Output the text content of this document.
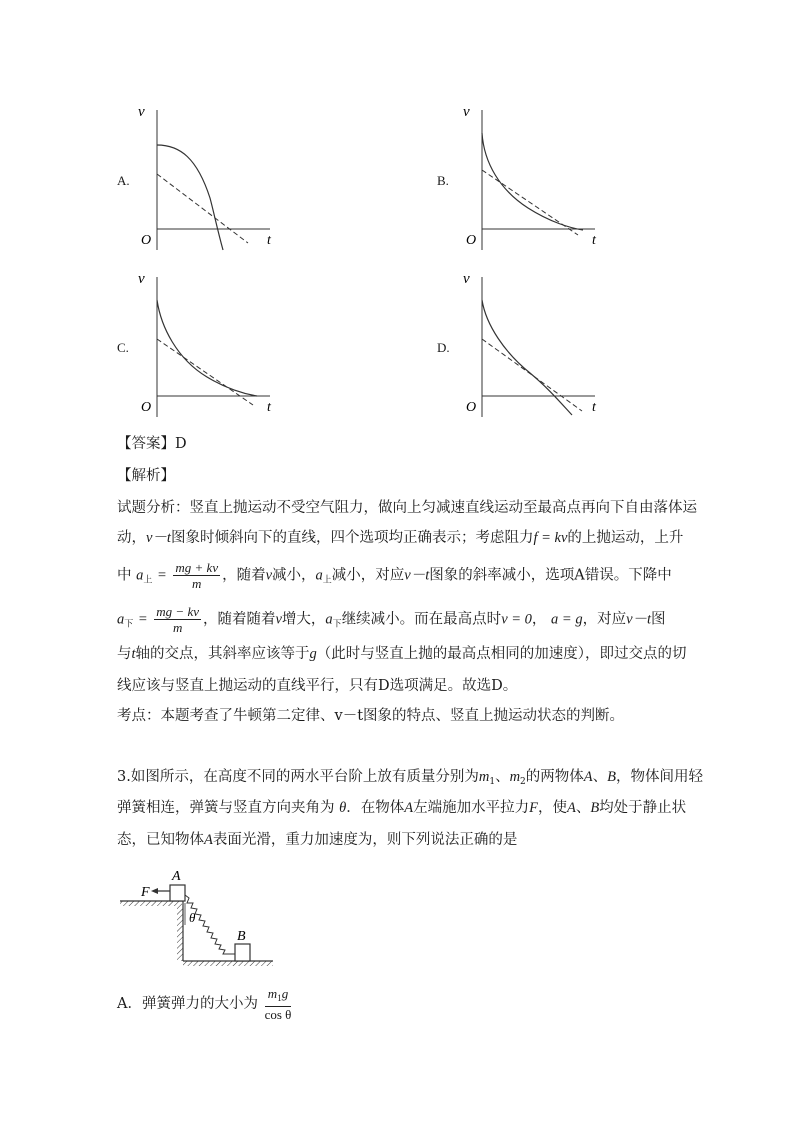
A.	B.
C.	D.
v
O	t
v
O	t
v
O	t
v
O	t
【答案】D
【解析】
试题分析：竖直上抛运动不受空气阻力，做向上匀减速直线运动至最高点再向下自由落体运
动，v－t图象时倾斜向下的直线，四个选项均正确表示；考虑阻力f = kv的上抛运动，上升
中 $a_上 = \frac{mg + kv}{m}$ ，随着v减小，$a_上$减小，对应v－t图象的斜率减小，选项A错误。下降中
$a_下 = \frac{mg - kv}{m}$ ，随着随着v增大，$a_下$继续减小。而在最高点时v = 0， a = g，对应v－t图
与t轴的交点，其斜率应该等于g（此时与竖直上抛的最高点相同的加速度），即过交点的切
线应该与竖直上抛运动的直线平行，只有D选项满足。故选D。
考点：本题考查了牛顿第二定律、v－t图象的特点、竖直上抛运动状态的判断。
3.如图所示，在高度不同的两水平台阶上放有质量分别为$m_1$、$m_2$的两物体A、B，物体间用轻
弹簧相连，弹簧与竖直方向夹角为 θ．在物体A左端施加水平拉力F，使A、B均处于静止状
态，已知物体A表面光滑，重力加速度为，则下列说法正确的是
F
A
B
θ
A．弹簧弹力的大小为 $\frac{m_1g}{\text{cos θ}}$
